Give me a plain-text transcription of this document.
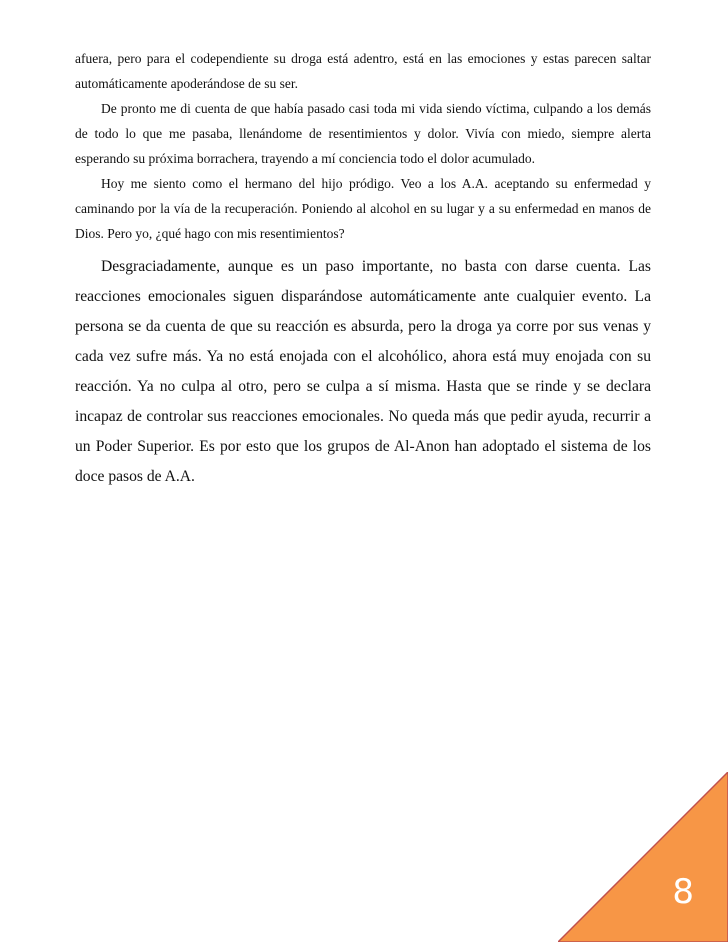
afuera, pero para el codependiente su droga está adentro, está en las emociones y estas parecen saltar automáticamente apoderándose de su ser.

De pronto me di cuenta de que había pasado casi toda mi vida siendo víctima, culpando a los demás de todo lo que me pasaba, llenándome de resentimientos y dolor. Vivía con miedo, siempre alerta esperando su próxima borrachera, trayendo a mí conciencia todo el dolor acumulado.

Hoy me siento como el hermano del hijo pródigo. Veo a los A.A. aceptando su enfermedad y caminando por la vía de la recuperación. Poniendo al alcohol en su lugar y a su enfermedad en manos de Dios. Pero yo, ¿qué hago con mis resentimientos?

Desgraciadamente, aunque es un paso importante, no basta con darse cuenta. Las reacciones emocionales siguen disparándose automáticamente ante cualquier evento. La persona se da cuenta de que su reacción es absurda, pero la droga ya corre por sus venas y cada vez sufre más. Ya no está enojada con el alcohólico, ahora está muy enojada con su reacción. Ya no culpa al otro, pero se culpa a sí misma. Hasta que se rinde y se declara incapaz de controlar sus reacciones emocionales. No queda más que pedir ayuda, recurrir a un Poder Superior. Es por esto que los grupos de Al-Anon han adoptado el sistema de los doce pasos de A.A.

8
